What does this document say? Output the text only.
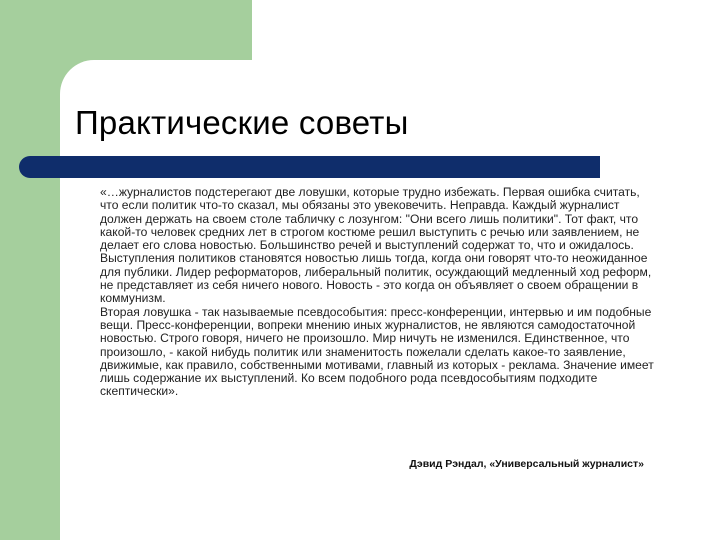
Практические советы

«…журналистов подстерегают две ловушки, которые трудно избежать. Первая ошибка считать, что если политик что-то сказал, мы обязаны это увековечить. Неправда. Каждый журналист должен держать на своем столе табличку с лозунгом: "Они всего лишь политики". Тот факт, что какой-то человек средних лет в строгом костюме решил выступить с речью или заявлением, не делает его слова новостью. Большинство речей и выступлений содержат то, что и ожидалось. Выступления политиков становятся новостью лишь тогда, когда они говорят что-то неожиданное для публики. Лидер реформаторов, либеральный политик, осуждающий медленный ход реформ, не представляет из себя ничего нового. Новость - это когда он объявляет о своем обращении в коммунизм.

Вторая ловушка - так называемые псевдособытия: пресс-конференции, интервью и им подобные вещи. Пресс-конференции, вопреки мнению иных журналистов, не являются самодостаточной новостью. Строго говоря, ничего не произошло. Мир ничуть не изменился. Единственное, что произошло, - какой нибудь политик или знаменитость пожелали сделать какое-то заявление, движимые, как правило, собственными мотивами, главный из которых - реклама. Значение имеет лишь содержание их выступлений. Ко всем подобного рода псевдособытиям подходите скептически».

Дэвид Рэндал, «Универсальный журналист»
